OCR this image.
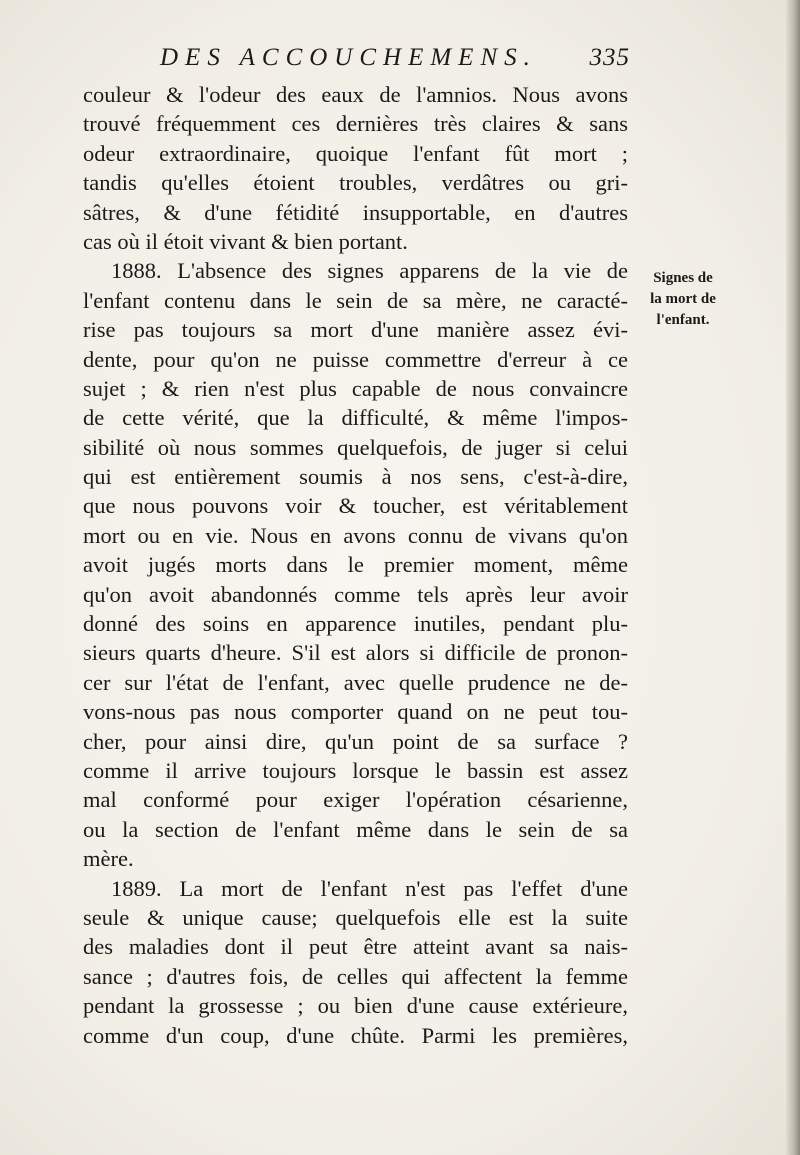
DES ACCOUCHEMENS. 335
Signes de
la mort de
l'enfant.
couleur & l'odeur des eaux de l'amnios. Nous avons
trouvé fréquemment ces dernières très claires & sans
odeur extraordinaire, quoique l'enfant fût mort ;
tandis qu'elles étoient troubles, verdâtres ou gri-
sâtres, & d'une fétidité insupportable, en d'autres
cas où il étoit vivant & bien portant.
1888. L'absence des signes apparens de la vie de
l'enfant contenu dans le sein de sa mère, ne caracté-
rise pas toujours sa mort d'une manière assez évi-
dente, pour qu'on ne puisse commettre d'erreur à ce
sujet ; & rien n'est plus capable de nous convaincre
de cette vérité, que la difficulté, & même l'impos-
sibilité où nous sommes quelquefois, de juger si celui
qui est entièrement soumis à nos sens, c'est-à-dire,
que nous pouvons voir & toucher, est véritablement
mort ou en vie. Nous en avons connu de vivans qu'on
avoit jugés morts dans le premier moment, même
qu'on avoit abandonnés comme tels après leur avoir
donné des soins en apparence inutiles, pendant plu-
sieurs quarts d'heure. S'il est alors si difficile de pronon-
cer sur l'état de l'enfant, avec quelle prudence ne de-
vons-nous pas nous comporter quand on ne peut tou-
cher, pour ainsi dire, qu'un point de sa surface ?
comme il arrive toujours lorsque le bassin est assez
mal conformé pour exiger l'opération césarienne,
ou la section de l'enfant même dans le sein de sa
mère.
1889. La mort de l'enfant n'est pas l'effet d'une
seule & unique cause; quelquefois elle est la suite
des maladies dont il peut être atteint avant sa nais-
sance ; d'autres fois, de celles qui affectent la femme
pendant la grossesse ; ou bien d'une cause extérieure,
comme d'un coup, d'une chûte. Parmi les premières,
